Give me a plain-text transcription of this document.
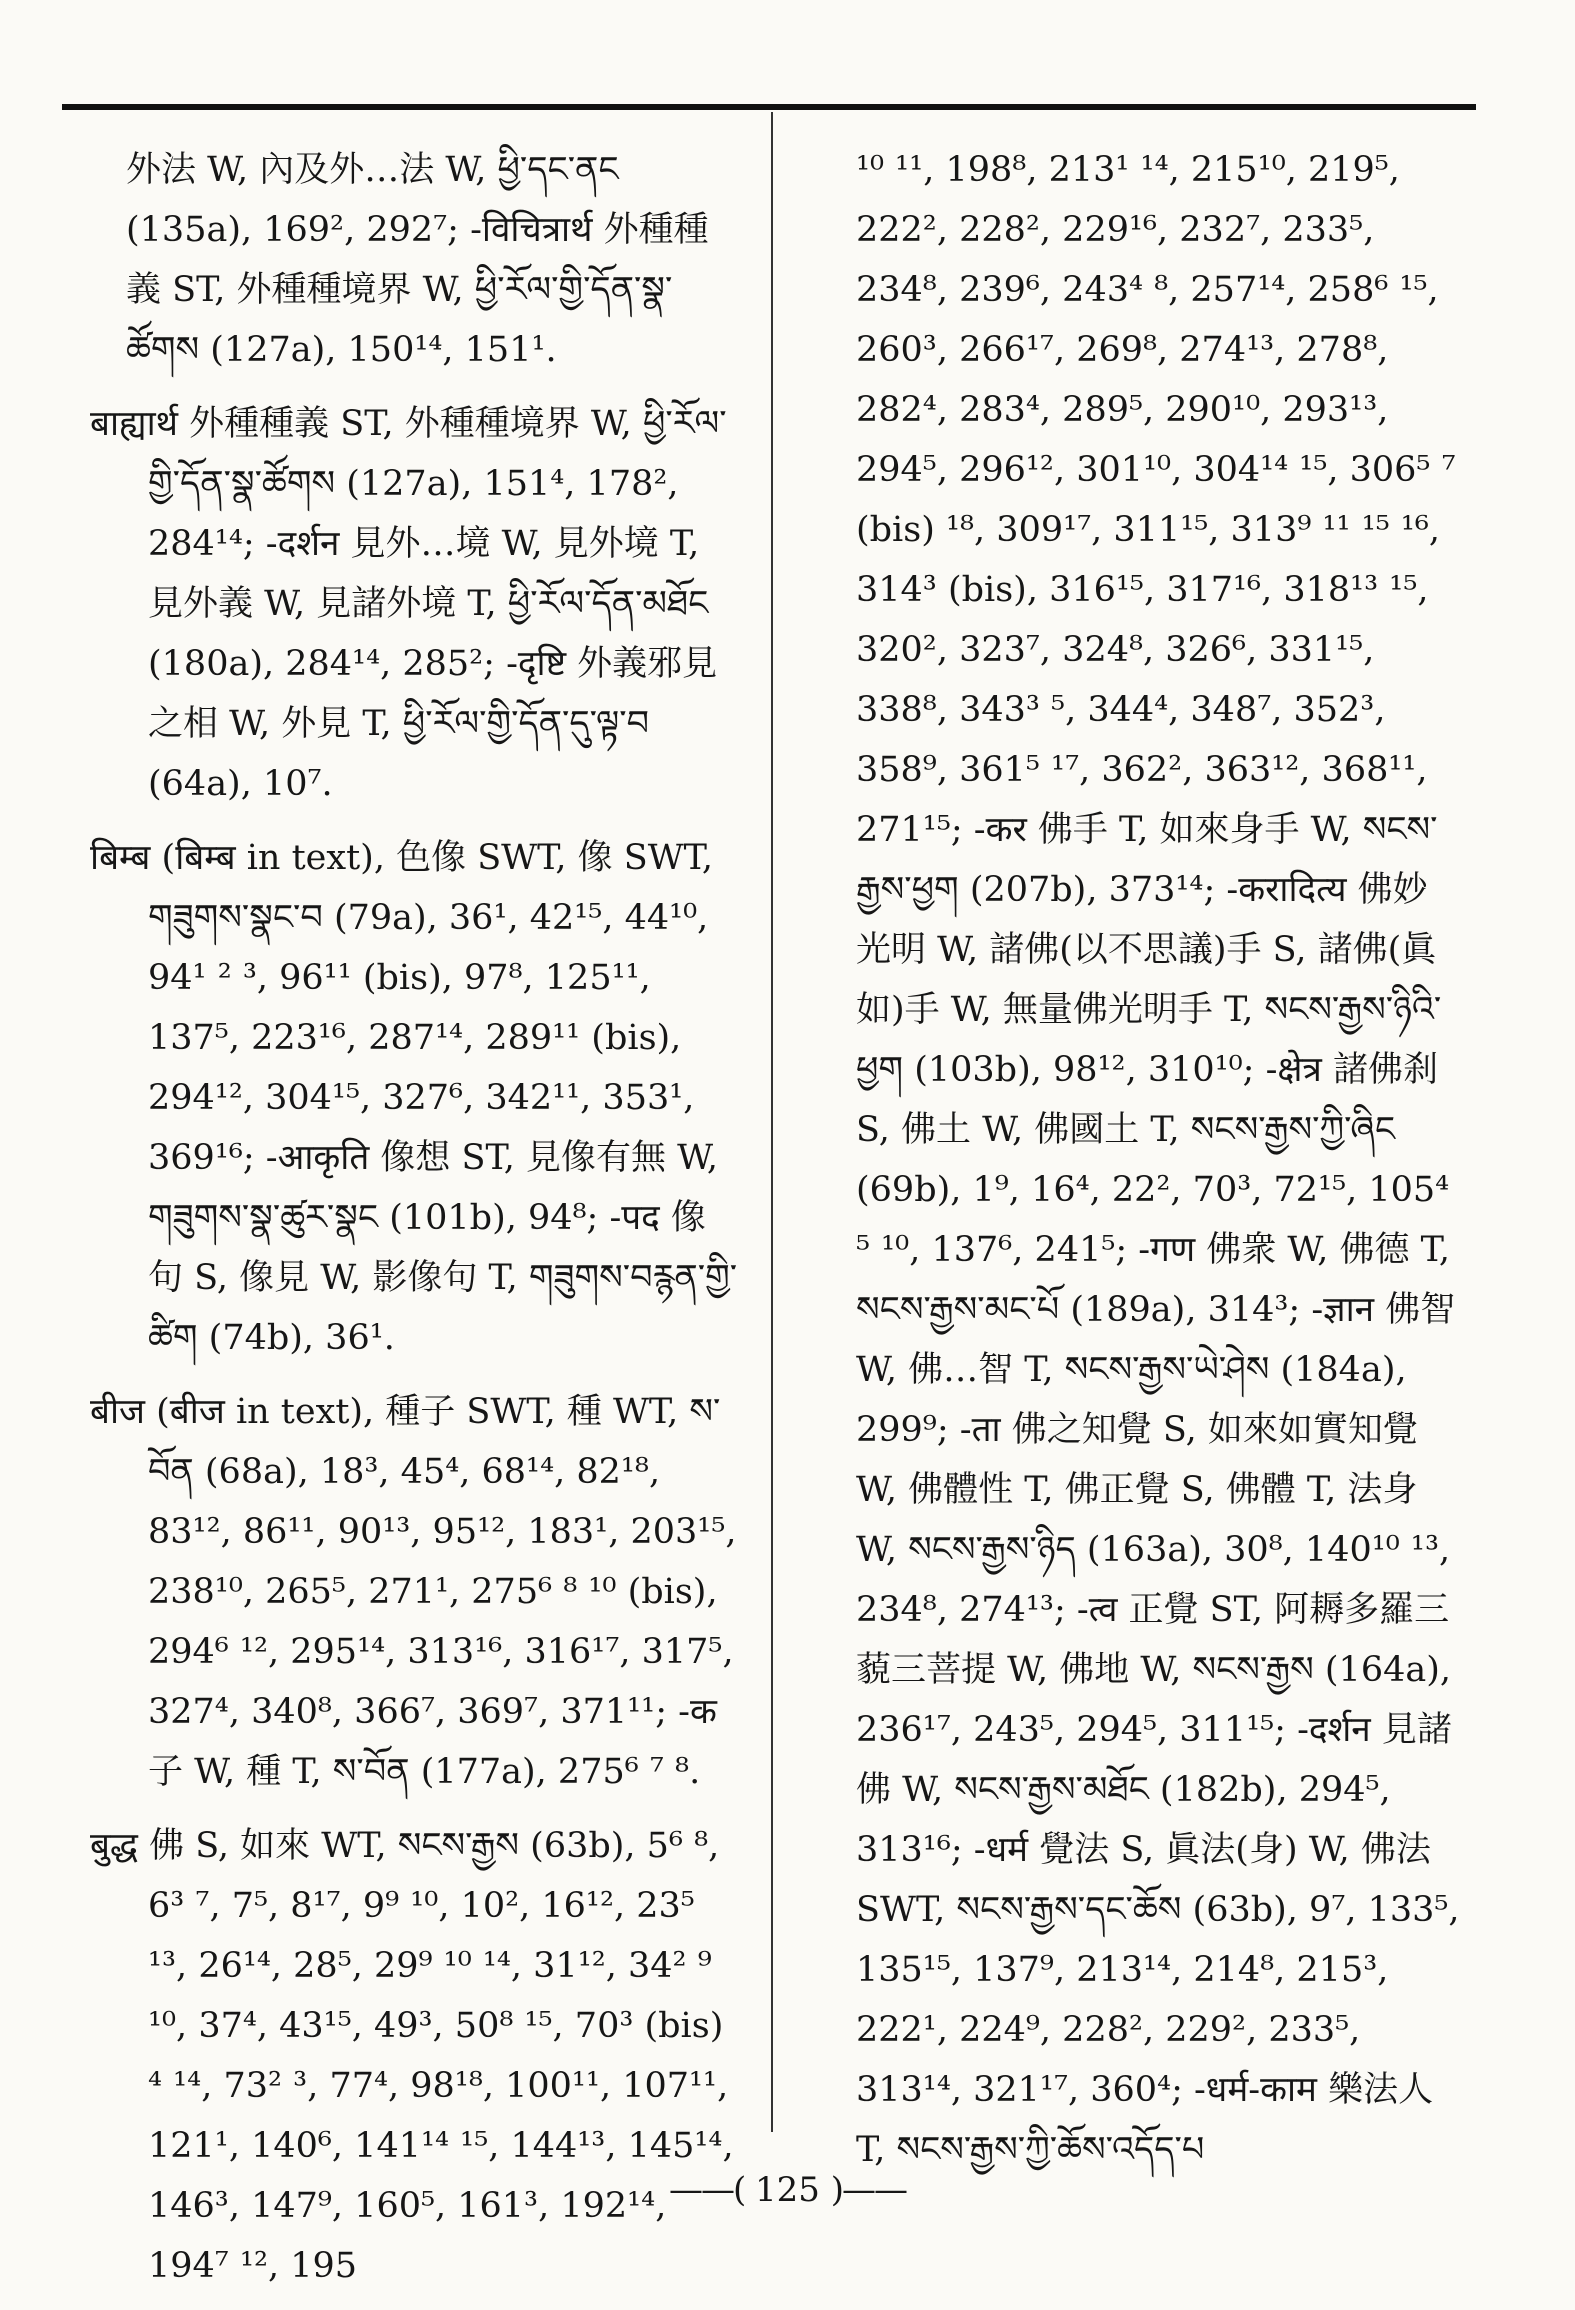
外法 W, 內及外…法 W, ཕྱི་དང་ནང (135a), 169², 292⁷; -विचित्रार्थ 外種種義 ST, 外種種境界 W, ཕྱི་རོལ་གྱི་དོན་སྣ་ཚོགས (127a), 150¹⁴, 151¹.

बाह्यार्थ 外種種義 ST, 外種種境界 W, ཕྱི་རོལ་གྱི་དོན་སྣ་ཚོགས (127a), 151⁴, 178², 284¹⁴; -दर्शन 見外…境 W, 見外境 T, 見外義 W, 見諸外境 T, ཕྱི་རོལ་དོན་མཐོང (180a), 284¹⁴, 285²; -दृष्टि 外義邪見之相 W, 外見 T, ཕྱི་རོལ་གྱི་དོན་དུ་ལྟ་བ (64a), 10⁷.

बिम्ब (बिम्ब in text), 色像 SWT, 像 SWT, གཟུགས་སྣང་བ (79a), 36¹, 42¹⁵, 44¹⁰, 94¹ ² ³, 96¹¹ (bis), 97⁸, 125¹¹, 137⁵, 223¹⁶, 287¹⁴, 289¹¹ (bis), 294¹², 304¹⁵, 327⁶, 342¹¹, 353¹, 369¹⁶; -आकृति 像想 ST, 見像有無 W, གཟུགས་སྣ་ཚུར་སྣང (101b), 94⁸; -पद 像句 S, 像見 W, 影像句 T, གཟུགས་བརྙན་གྱི་ཚིག (74b), 36¹.

बीज (बीज in text), 種子 SWT, 種 WT, ས་བོན (68a), 18³, 45⁴, 68¹⁴, 82¹⁸, 83¹², 86¹¹, 90¹³, 95¹², 183¹, 203¹⁵, 238¹⁰, 265⁵, 271¹, 275⁶ ⁸ ¹⁰ (bis), 294⁶ ¹², 295¹⁴, 313¹⁶, 316¹⁷, 317⁵, 327⁴, 340⁸, 366⁷, 369⁷, 371¹¹; -क 子 W, 種 T, ས་བོན (177a), 275⁶ ⁷ ⁸.

बुद्ध 佛 S, 如來 WT, སངས་རྒྱས (63b), 5⁶ ⁸, 6³ ⁷, 7⁵, 8¹⁷, 9⁹ ¹⁰, 10², 16¹², 23⁵ ¹³, 26¹⁴, 28⁵, 29⁹ ¹⁰ ¹⁴, 31¹², 34² ⁹ ¹⁰, 37⁴, 43¹⁵, 49³, 50⁸ ¹⁵, 70³ (bis) ⁴ ¹⁴, 73² ³, 77⁴, 98¹⁸, 100¹¹, 107¹¹, 121¹, 140⁶, 141¹⁴ ¹⁵, 144¹³, 145¹⁴, 146³, 147⁹, 160⁵, 161³, 192¹⁴, 194⁷ ¹², 195

¹⁰ ¹¹, 198⁸, 213¹ ¹⁴, 215¹⁰, 219⁵, 222², 228², 229¹⁶, 232⁷, 233⁵, 234⁸, 239⁶, 243⁴ ⁸, 257¹⁴, 258⁶ ¹⁵, 260³, 266¹⁷, 269⁸, 274¹³, 278⁸, 282⁴, 283⁴, 289⁵, 290¹⁰, 293¹³, 294⁵, 296¹², 301¹⁰, 304¹⁴ ¹⁵, 306⁵ ⁷ (bis) ¹⁸, 309¹⁷, 311¹⁵, 313⁹ ¹¹ ¹⁵ ¹⁶, 314³ (bis), 316¹⁵, 317¹⁶, 318¹³ ¹⁵, 320², 323⁷, 324⁸, 326⁶, 331¹⁵, 338⁸, 343³ ⁵, 344⁴, 348⁷, 352³, 358⁹, 361⁵ ¹⁷, 362², 363¹², 368¹¹, 271¹⁵; -कर 佛手 T, 如來身手 W, སངས་རྒྱས་ཕྱག (207b), 373¹⁴; -करादित्य 佛妙光明 W, 諸佛(以不思議)手 S, 諸佛(眞如)手 W, 無量佛光明手 T, སངས་རྒྱས་ཉིའི་ཕྱག (103b), 98¹², 310¹⁰; -क्षेत्र 諸佛刹 S, 佛土 W, 佛國土 T, སངས་རྒྱས་ཀྱི་ཞིང (69b), 1⁹, 16⁴, 22², 70³, 72¹⁵, 105⁴ ⁵ ¹⁰, 137⁶, 241⁵; -गण 佛衆 W, 佛德 T, སངས་རྒྱས་མང་པོ (189a), 314³; -ज्ञान 佛智 W, 佛…智 T, སངས་རྒྱས་ཡེ་ཤེས (184a), 299⁹; -ता 佛之知覺 S, 如來如實知覺 W, 佛體性 T, 佛正覺 S, 佛體 T, 法身 W, སངས་རྒྱས་ཉིད (163a), 30⁸, 140¹⁰ ¹³, 234⁸, 274¹³; -त्व 正覺 ST, 阿耨多羅三藐三菩提 W, 佛地 W, སངས་རྒྱས (164a), 236¹⁷, 243⁵, 294⁵, 311¹⁵; -दर्शन 見諸佛 W, སངས་རྒྱས་མཐོང (182b), 294⁵, 313¹⁶; -धर्म 覺法 S, 眞法(身) W, 佛法 SWT, སངས་རྒྱས་དང་ཆོས (63b), 9⁷, 133⁵, 135¹⁵, 137⁹, 213¹⁴, 214⁸, 215³, 222¹, 224⁹, 228², 229², 233⁵, 313¹⁴, 321¹⁷, 360⁴; -धर्म-काम 樂法人 T, སངས་རྒྱས་ཀྱི་ཆོས་འདོད་པ

——( 125 )——
